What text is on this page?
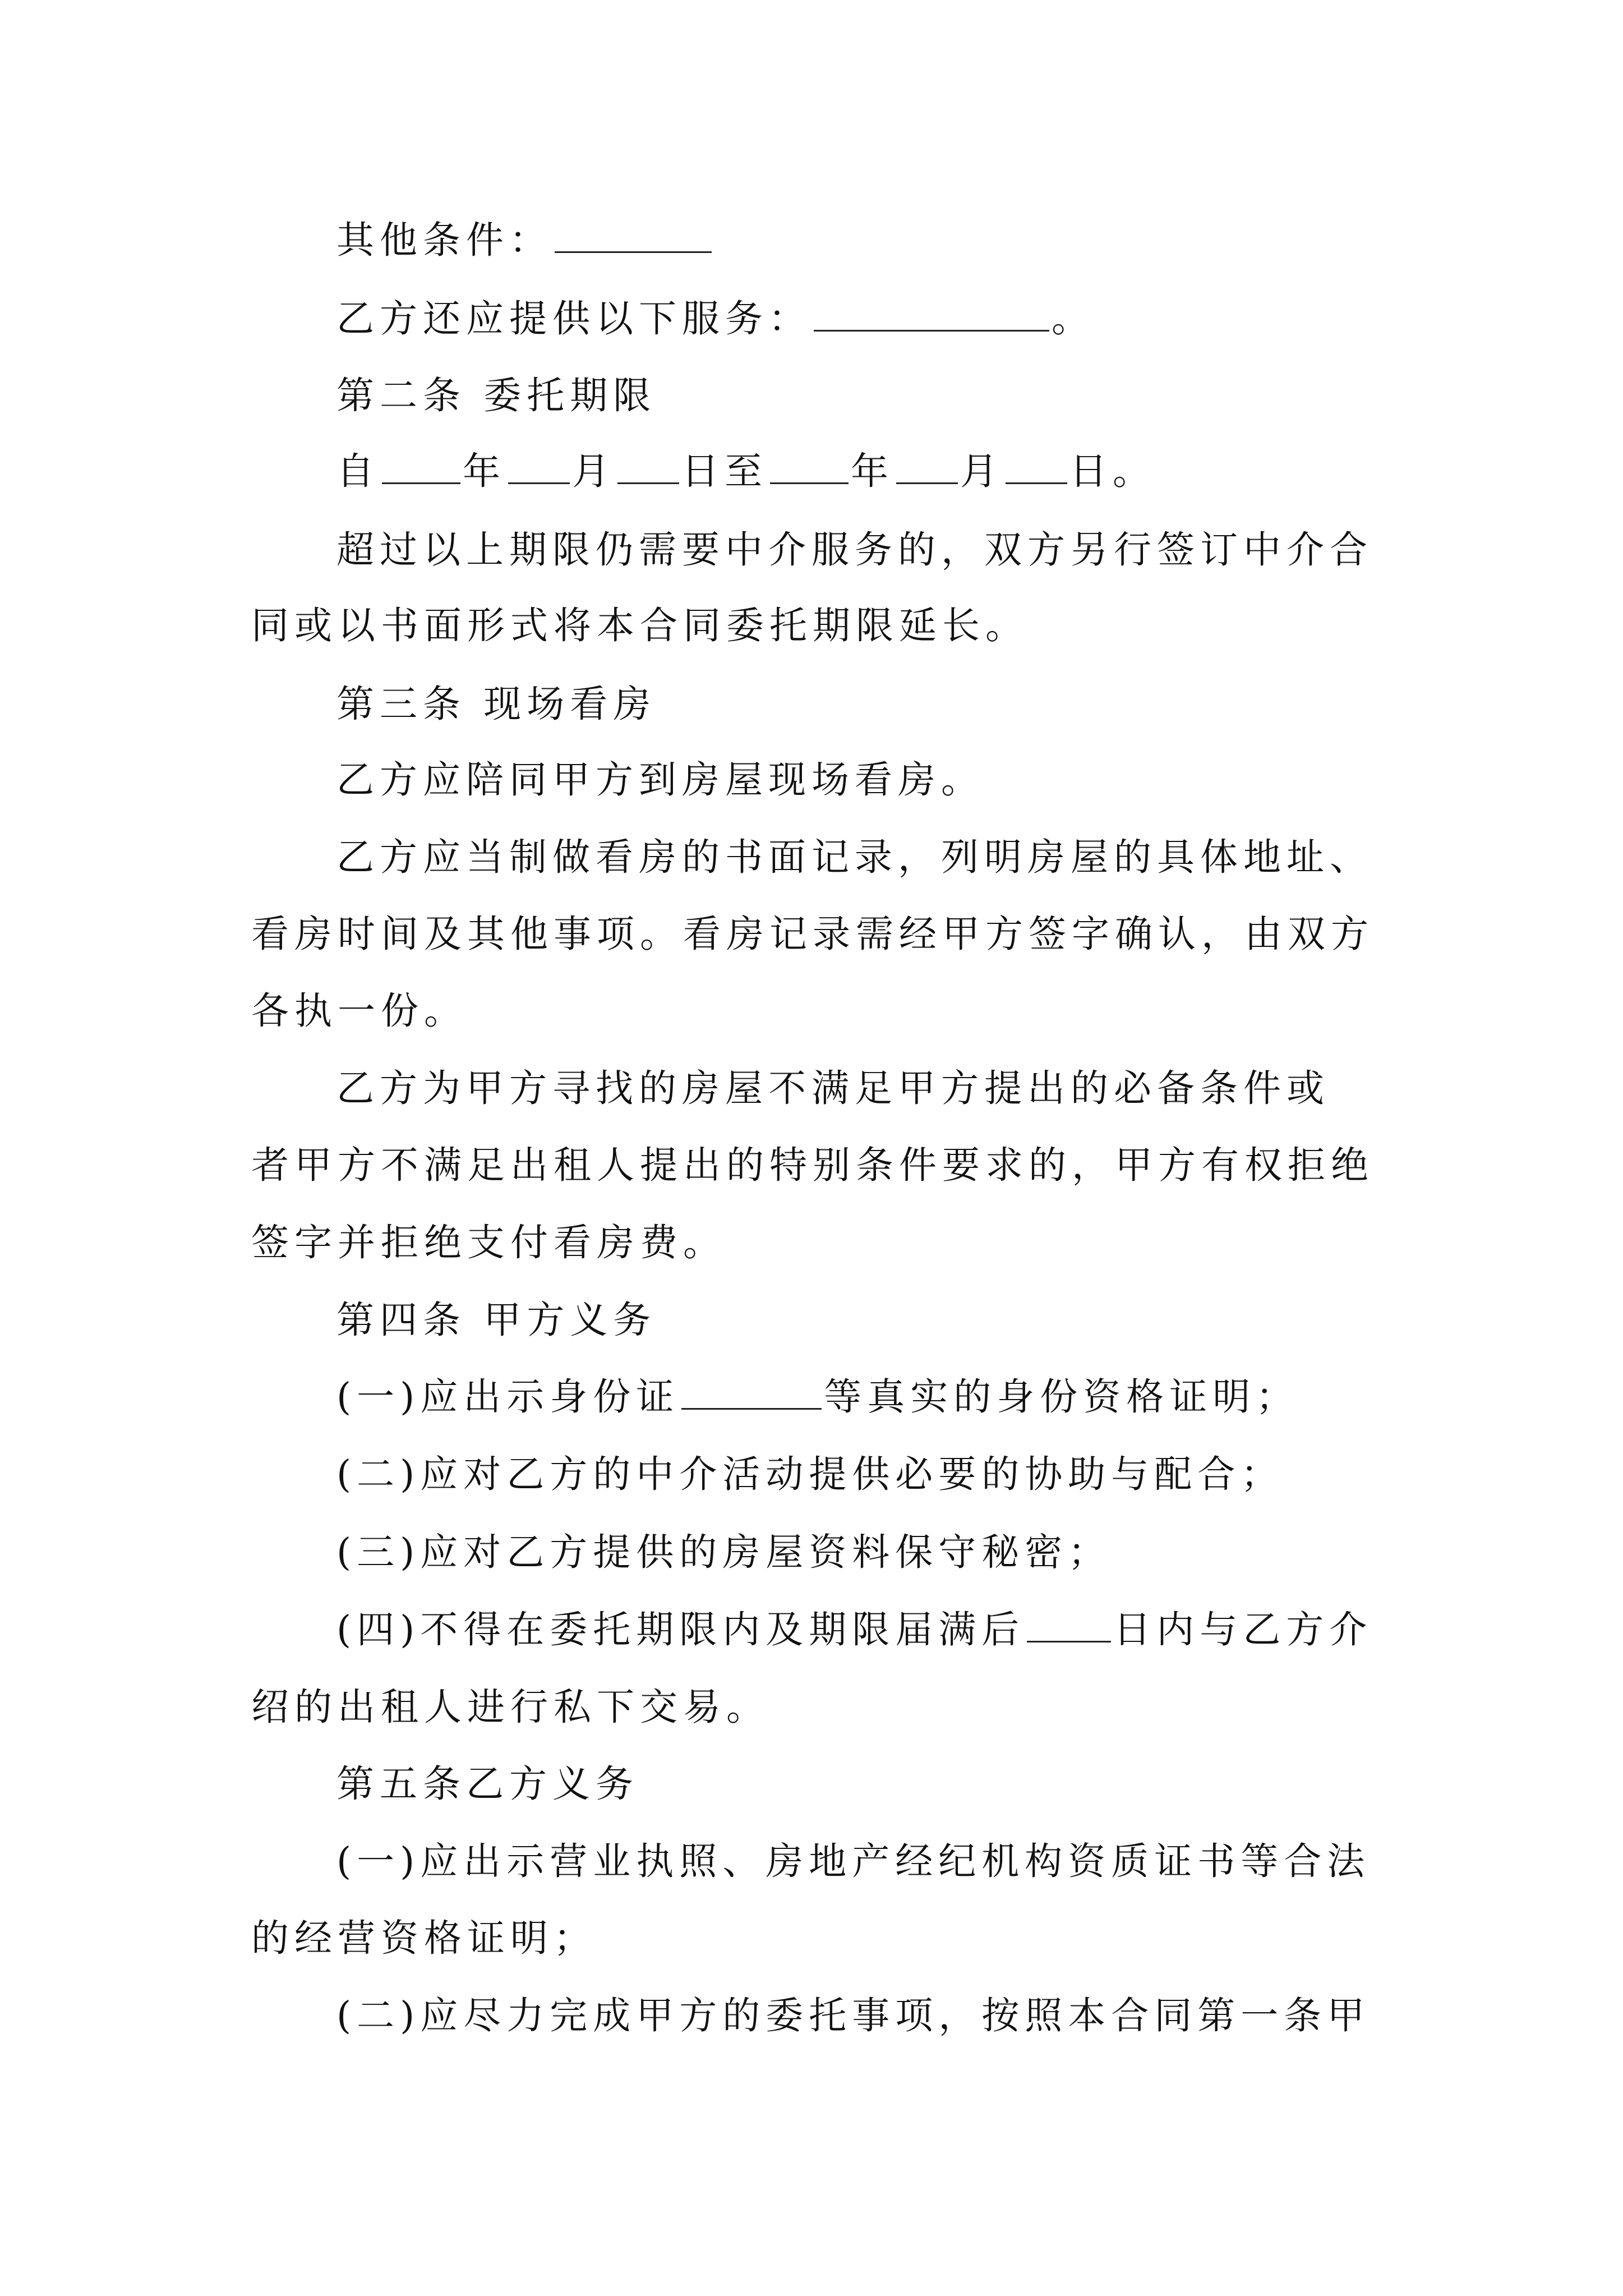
其他条件：
乙方还应提供以下服务：	。
第二条 委托期限
自 年 月 日至 年 月 日。
超过以上期限仍需要中介服务的，双方另行签订中介合
同或以书面形式将本合同委托期限延长。
第三条 现场看房
乙方应陪同甲方到房屋现场看房。
乙方应当制做看房的书面记录，列明房屋的具体地址、
看房时间及其他事项。看房记录需经甲方签字确认，由双方
各执一份。
乙方为甲方寻找的房屋不满足甲方提出的必备条件或
者甲方不满足出租人提出的特别条件要求的，甲方有权拒绝
签字并拒绝支付看房费。
第四条 甲方义务
(一)应出示身份证	等真实的身份资格证明；
(二)应对乙方的中介活动提供必要的协助与配合；
(三)应对乙方提供的房屋资料保守秘密；
(四)不得在委托期限内及期限届满后 日内与乙方介
绍的出租人进行私下交易。
第五条乙方义务
(一)应出示营业执照、房地产经纪机构资质证书等合法
的经营资格证明；
(二)应尽力完成甲方的委托事项，按照本合同第一条甲
